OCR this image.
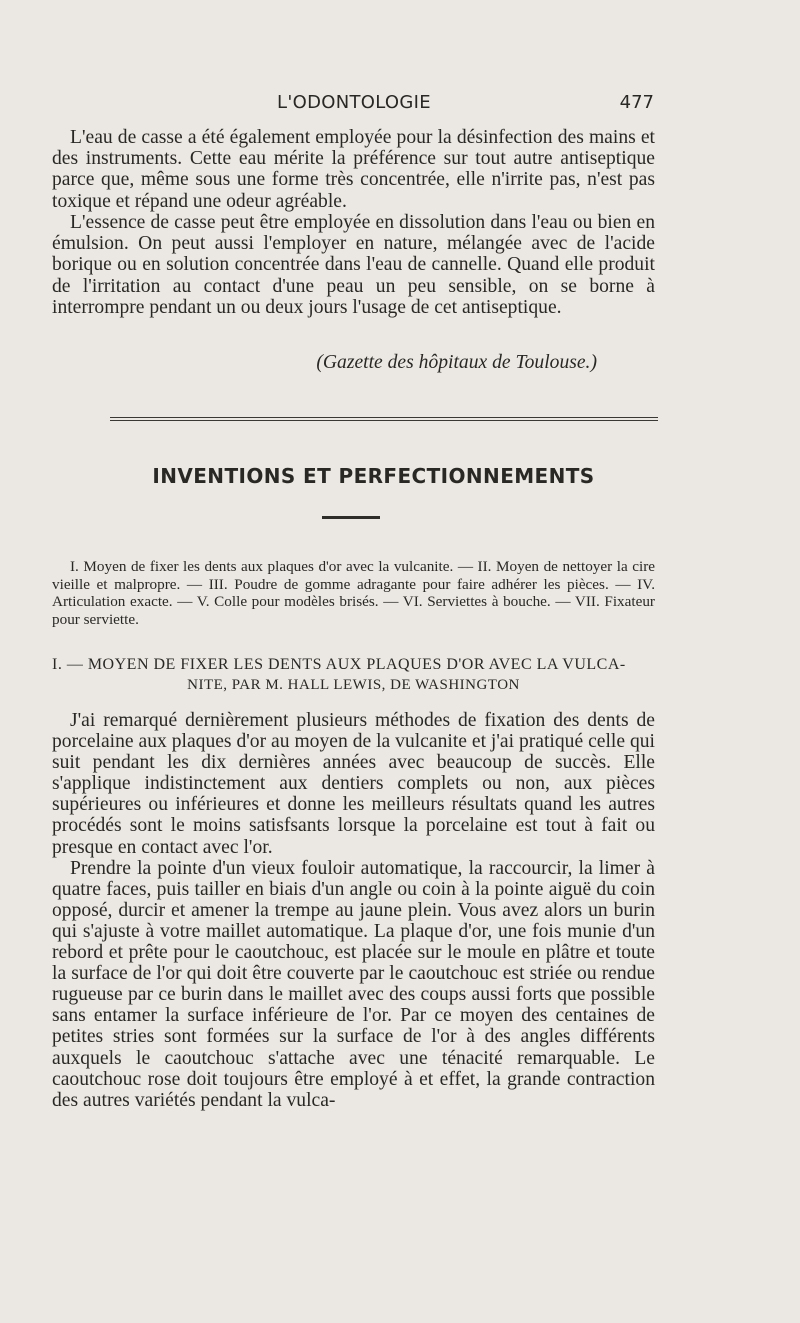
L'ODONTOLOGIE	477

L'eau de casse a été également employée pour la désinfection des mains et des instruments. Cette eau mérite la préférence sur tout autre antiseptique parce que, même sous une forme très concentrée, elle n'irrite pas, n'est pas toxique et répand une odeur agréable.

L'essence de casse peut être employée en dissolution dans l'eau ou bien en émulsion. On peut aussi l'employer en nature, mélangée avec de l'acide borique ou en solution concentrée dans l'eau de cannelle. Quand elle produit de l'irritation au contact d'une peau un peu sensible, on se borne à interrompre pendant un ou deux jours l'usage de cet antiseptique.

(Gazette des hôpitaux de Toulouse.)
INVENTIONS ET PERFECTIONNEMENTS

I. Moyen de fixer les dents aux plaques d'or avec la vulcanite. — II. Moyen de nettoyer la cire vieille et malpropre. — III. Poudre de gomme adragante pour faire adhérer les pièces. — IV. Articulation exacte. — V. Colle pour modèles brisés. — VI. Serviettes à bouche. — VII. Fixateur pour serviette.

I. — MOYEN DE FIXER LES DENTS AUX PLAQUES D'OR AVEC LA VULCA-

NITE, PAR M. HALL LEWIS, DE WASHINGTON

J'ai remarqué dernièrement plusieurs méthodes de fixation des dents de porcelaine aux plaques d'or au moyen de la vulcanite et j'ai pratiqué celle qui suit pendant les dix dernières années avec beaucoup de succès. Elle s'applique indistinctement aux dentiers complets ou non, aux pièces supérieures ou inférieures et donne les meilleurs résultats quand les autres procédés sont le moins satisfsants lorsque la porcelaine est tout à fait ou presque en contact avec l'or.

Prendre la pointe d'un vieux fouloir automatique, la raccourcir, la limer à quatre faces, puis tailler en biais d'un angle ou coin à la pointe aiguë du coin opposé, durcir et amener la trempe au jaune plein. Vous avez alors un burin qui s'ajuste à votre maillet automatique. La plaque d'or, une fois munie d'un rebord et prête pour le caoutchouc, est placée sur le moule en plâtre et toute la surface de l'or qui doit être couverte par le caoutchouc est striée ou rendue rugueuse par ce burin dans le maillet avec des coups aussi forts que possible sans entamer la surface inférieure de l'or. Par ce moyen des centaines de petites stries sont formées sur la surface de l'or à des angles différents auxquels le caoutchouc s'attache avec une ténacité remarquable. Le caoutchouc rose doit toujours être employé à et effet, la grande contraction des autres variétés pendant la vulca-
